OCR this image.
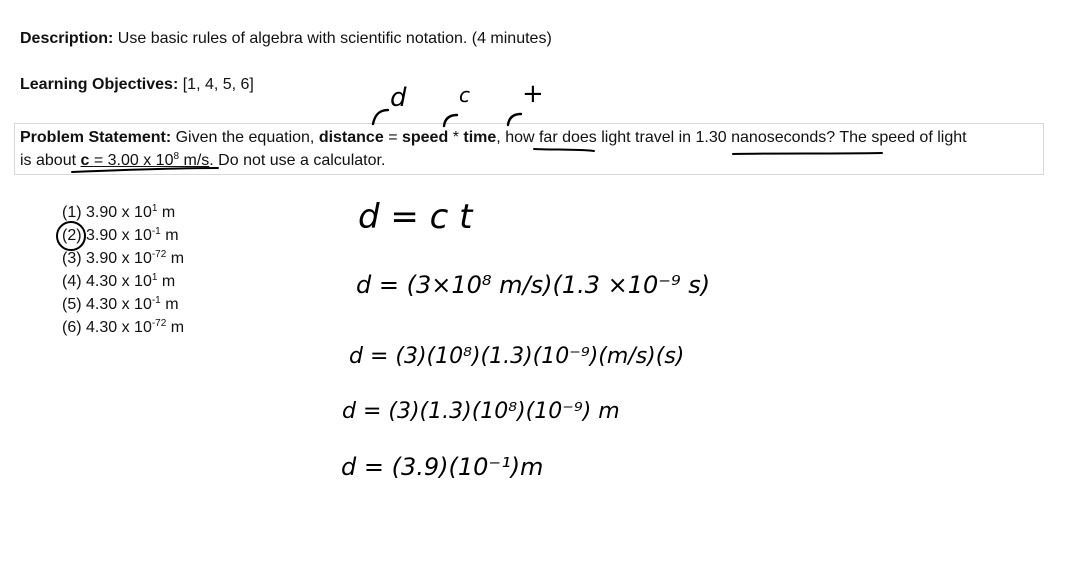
Description: Use basic rules of algebra with scientific notation. (4 minutes)
Learning Objectives: [1, 4, 5, 6]
Problem Statement: Given the equation, distance = speed * time, how far does light travel in 1.30 nanoseconds? The speed of light
is about c = 3.00 x $10^8$ m/s. Do not use a calculator.
(1) 3.90 x $10^1$ m
(2) 3.90 x $10^{-1}$ m
(3) 3.90 x $10^{-72}$ m
(4) 4.30 x $10^1$ m
(5) 4.30 x $10^{-1}$ m
(6) 4.30 x $10^{-72}$ m
d	c +
d = c t
d = (3×10⁸ m/s)(1.3 ×10⁻⁹ s)
d = (3)(10⁸)(1.3)(10⁻⁹)(m/s)(s)
d = (3)(1.3)(10⁸)(10⁻⁹) m
d = (3.9)(10⁻¹)m
